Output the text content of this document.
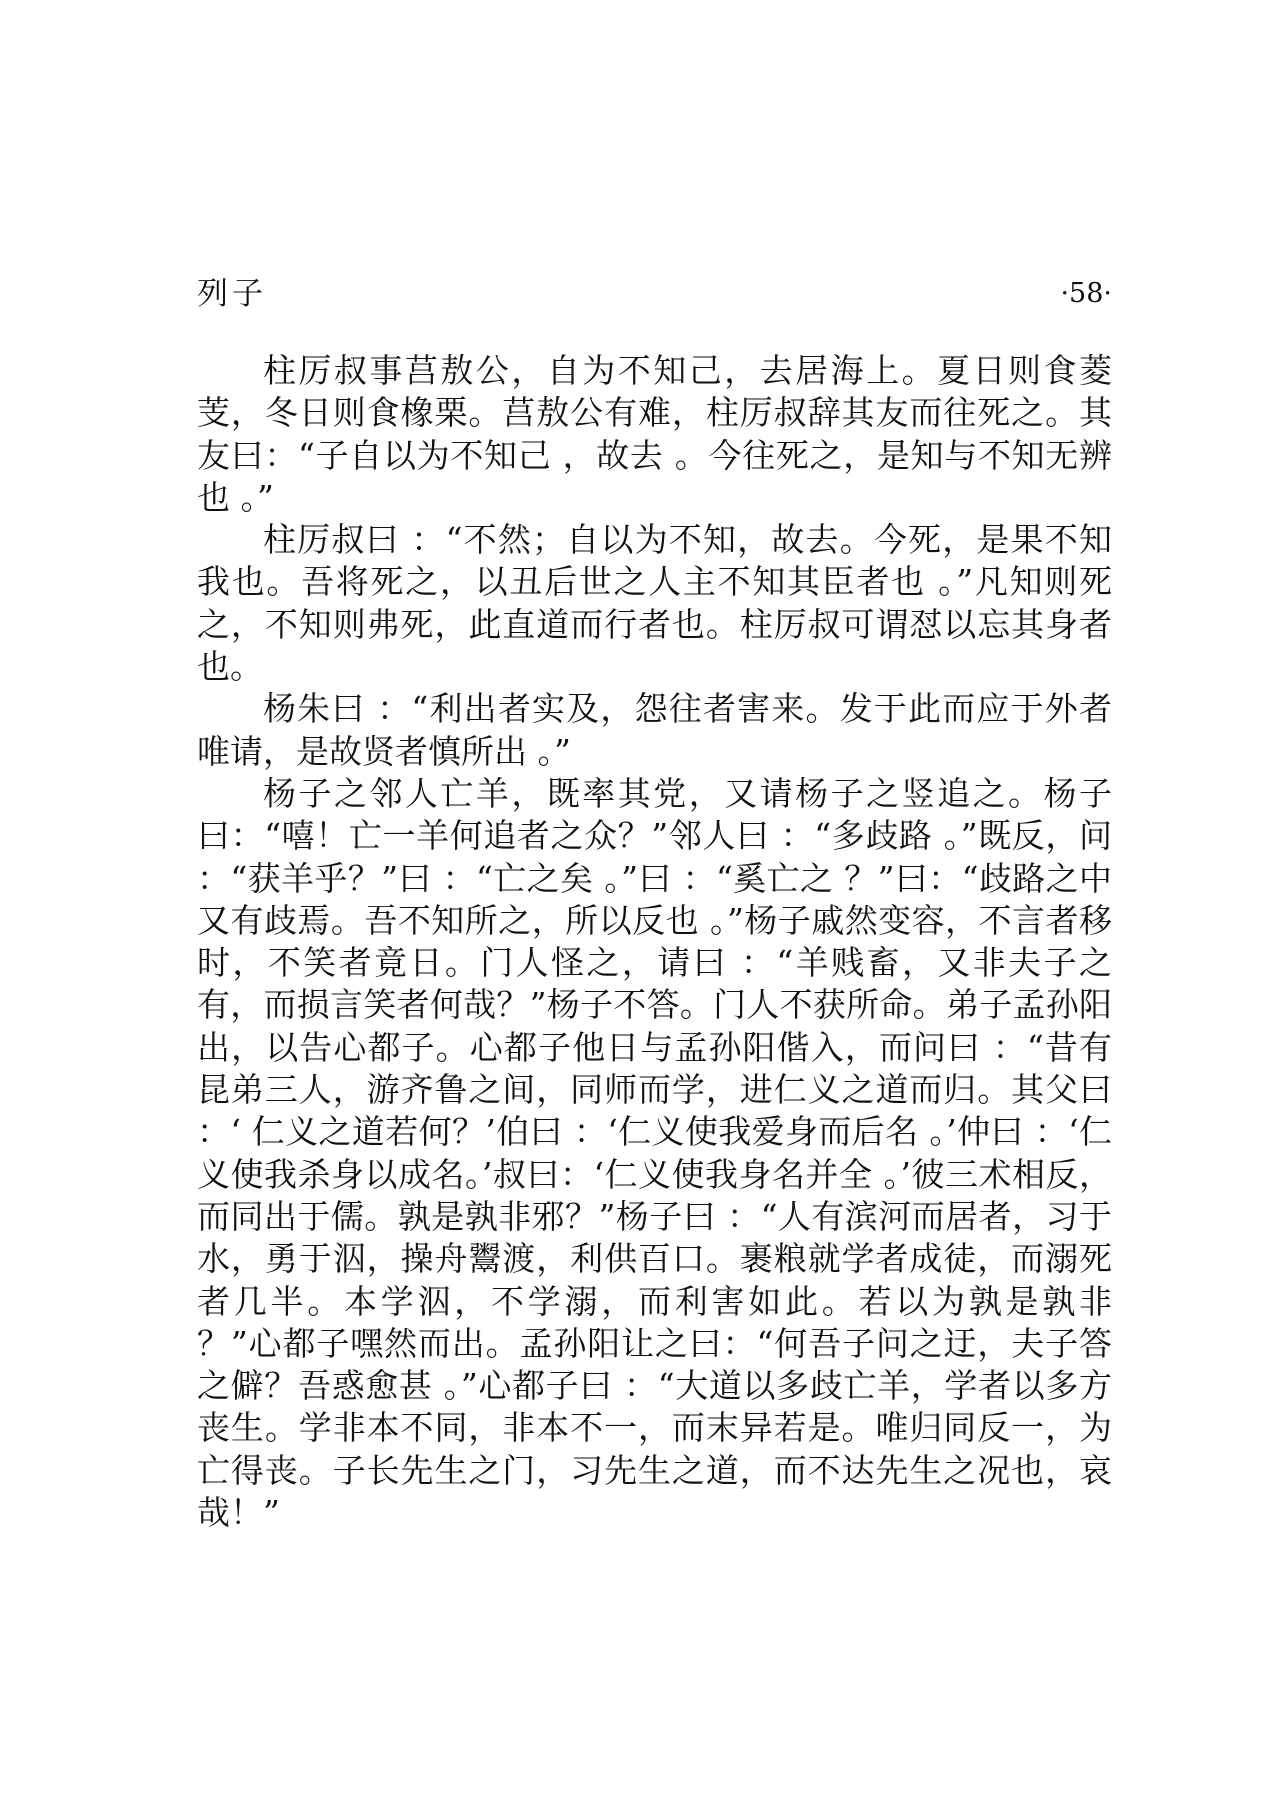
列子	·58·

柱厉叔事莒敖公，自为不知己，去居海上。夏日则食菱芰，冬日则食橡栗。莒敖公有难，柱厉叔辞其友而往死之。其友曰：“子自以为不知己 ，故去 。今往死之，是知与不知无辨也 。”

柱厉叔曰 ：“不然；自以为不知，故去。今死，是果不知我也。吾将死之，以丑后世之人主不知其臣者也 。”凡知则死之，不知则弗死，此直道而行者也。柱厉叔可谓怼以忘其身者也。

杨朱曰 ：“利出者实及，怨往者害来。发于此而应于外者唯请，是故贤者慎所出 。”

杨子之邻人亡羊，既率其党，又请杨子之竖追之。杨子曰：“嘻！亡一羊何追者之众？”邻人曰 ：“多歧路 。”既反，问 ：“获羊乎？”曰 ：“亡之矣 。”曰 ：“奚亡之 ？”曰：“歧路之中又有歧焉。吾不知所之，所以反也 。”杨子戚然变容，不言者移时，不笑者竟日。门人怪之，请曰 ：“羊贱畜，又非夫子之有，而损言笑者何哉？”杨子不答。门人不获所命。弟子孟孙阳出，以告心都子。心都子他日与孟孙阳偕入，而问曰 ：“昔有昆弟三人，游齐鲁之间，同师而学，进仁义之道而归。其父曰 ：‘ 仁义之道若何？’伯曰 ：‘仁义使我爱身而后名 。’仲曰 ：‘仁义使我杀身以成名。’叔曰：‘仁义使我身名并全 。’彼三术相反，而同出于儒。孰是孰非邪？”杨子曰 ：“人有滨河而居者，习于水，勇于泅，操舟鬻渡，利供百口。裹粮就学者成徒，而溺死者几半。本学泅，不学溺，而利害如此。若以为孰是孰非 ？”心都子嘿然而出。孟孙阳让之曰：“何吾子问之迂，夫子答之僻？吾惑愈甚 。”心都子曰 ：“大道以多歧亡羊，学者以多方丧生。学非本不同，非本不一，而末异若是。唯归同反一，为亡得丧。子长先生之门，习先生之道，而不达先生之况也，哀哉！”
